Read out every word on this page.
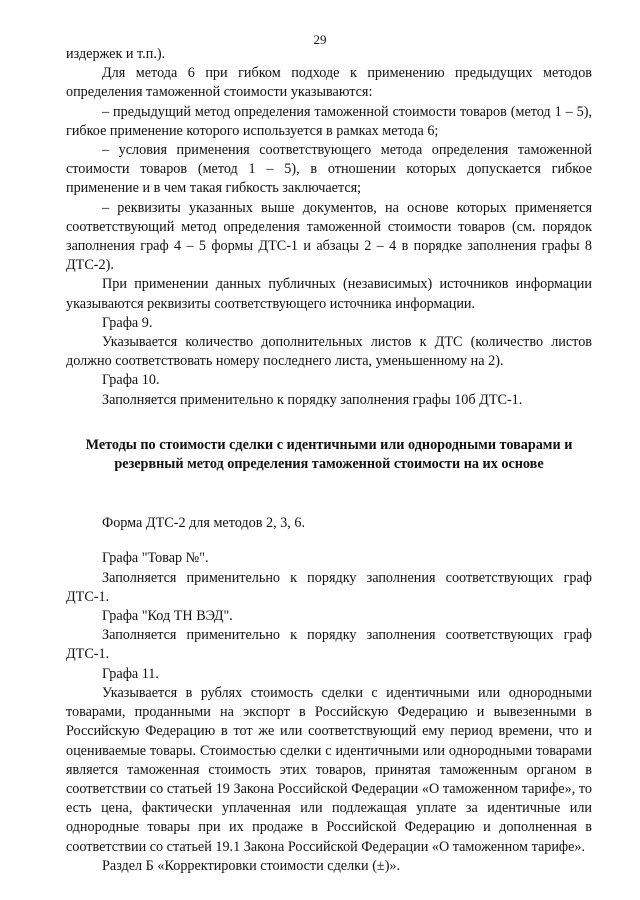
29

издержек и т.п.).

Для метода 6 при гибком подходе к применению предыдущих методов определения таможенной стоимости указываются:

– предыдущий метод определения таможенной стоимости товаров (метод 1 – 5), гибкое применение которого используется в рамках метода 6;

– условия применения соответствующего метода определения таможенной стоимости товаров (метод 1 – 5), в отношении которых допускается гибкое применение и в чем такая гибкость заключается;

– реквизиты указанных выше документов, на основе которых применяется соответствующий метод определения таможенной стоимости товаров (см. порядок заполнения граф 4 – 5 формы ДТС-1 и абзацы 2 – 4 в порядке заполнения графы 8 ДТС-2).

При применении данных публичных (независимых) источников информации указываются реквизиты соответствующего источника информации.

Графа 9.

Указывается количество дополнительных листов к ДТС (количество листов должно соответствовать номеру последнего листа, уменьшенному на 2).

Графа 10.

Заполняется применительно к порядку заполнения графы 10б ДТС-1.

Методы по стоимости сделки с идентичными или однородными товарами и резервный метод определения таможенной стоимости на их основе

Форма ДТС-2 для методов 2, 3, 6.

Графа "Товар №".

Заполняется применительно к порядку заполнения соответствующих граф ДТС-1.

Графа "Код ТН ВЭД".

Заполняется применительно к порядку заполнения соответствующих граф ДТС-1.

Графа 11.

Указывается в рублях стоимость сделки с идентичными или однородными товарами, проданными на экспорт в Российскую Федерацию и вывезенными в Российскую Федерацию в тот же или соответствующий ему период времени, что и оцениваемые товары. Стоимостью сделки с идентичными или однородными товарами является таможенная стоимость этих товаров, принятая таможенным органом в соответствии со статьей 19 Закона Российской Федерации «О таможенном тарифе», то есть цена, фактически уплаченная или подлежащая уплате за идентичные или однородные товары при их продаже в Российской Федерацию и дополненная в соответствии со статьей 19.1 Закона Российской Федерации «О таможенном тарифе».

Раздел Б «Корректировки стоимости сделки (±)».
